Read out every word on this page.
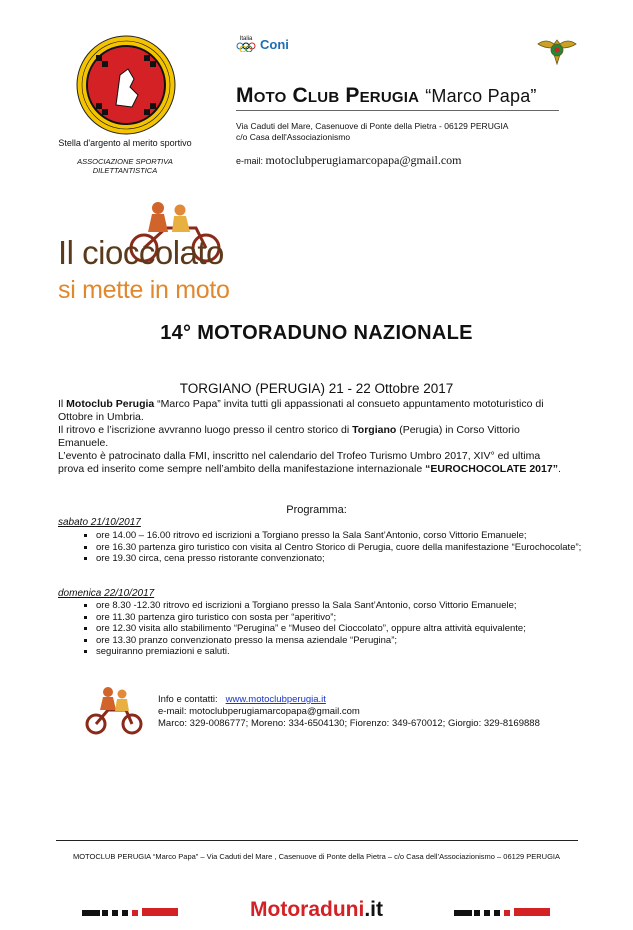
Stella d'argento al merito sportivo
ASSOCIAZIONE SPORTIVA
DILETTANTISTICA
Italia Coni
Moto Club Perugia “Marco Papa”
Via Caduti del Mare, Casenuove di Ponte della Pietra - 06129 PERUGIA
c/o Casa dell'Associazionismo
e-mail: motoclubperugiamarcopapa@gmail.com
Il cioccolato
si mette in moto
14° MOTORADUNO NAZIONALE
TORGIANO (PERUGIA) 21 - 22 Ottobre 2017
Il Motoclub Perugia “Marco Papa” invita tutti gli appassionati al consueto appuntamento mototuristico di Ottobre in Umbria.
Il ritrovo e l’iscrizione avvranno luogo presso il centro storico di Torgiano (Perugia) in Corso Vittorio Emanuele.
L’evento è patrocinato dalla FMI, inscritto nel calendario del Trofeo Turismo Umbro 2017, XIV° ed ultima prova ed inserito come sempre nell’ambito della manifestazione internazionale “EUROCHOCOLATE 2017”.
Programma:
sabato 21/10/2017
▪ ore 14.00 – 16.00 ritrovo ed iscrizioni a Torgiano presso la Sala Sant’Antonio, corso Vittorio Emanuele;
▪ ore 16.30 partenza giro turistico con visita al Centro Storico di Perugia, cuore della manifestazione “Eurochocolate”;
▪ ore 19.30 circa, cena presso ristorante convenzionato;
domenica 22/10/2017
▪ ore 8.30 -12.30 ritrovo ed iscrizioni a Torgiano presso la Sala Sant’Antonio, corso Vittorio Emanuele;
▪ ore 11.30 partenza giro turistico con sosta per “aperitivo”;
▪ ore 12.30 visita allo stabilimento “Perugina” e “Museo del Cioccolato”, oppure altra attività equivalente;
▪ ore 13.30 pranzo convenzionato presso la mensa aziendale “Perugina”;
▪ seguiranno premiazioni e saluti.
Info e contatti: www.motoclubperugia.it
e-mail: motoclubperugiamarcopapa@gmail.com
Marco: 329-0086777; Moreno: 334-6504130; Fiorenzo: 349-670012; Giorgio: 329-8169888
MOTOCLUB PERUGIA “Marco Papa” – Via Caduti del Mare , Casenuove di Ponte della Pietra – c/o Casa dell’Associazionismo – 06129 PERUGIA
Motoraduni.it
